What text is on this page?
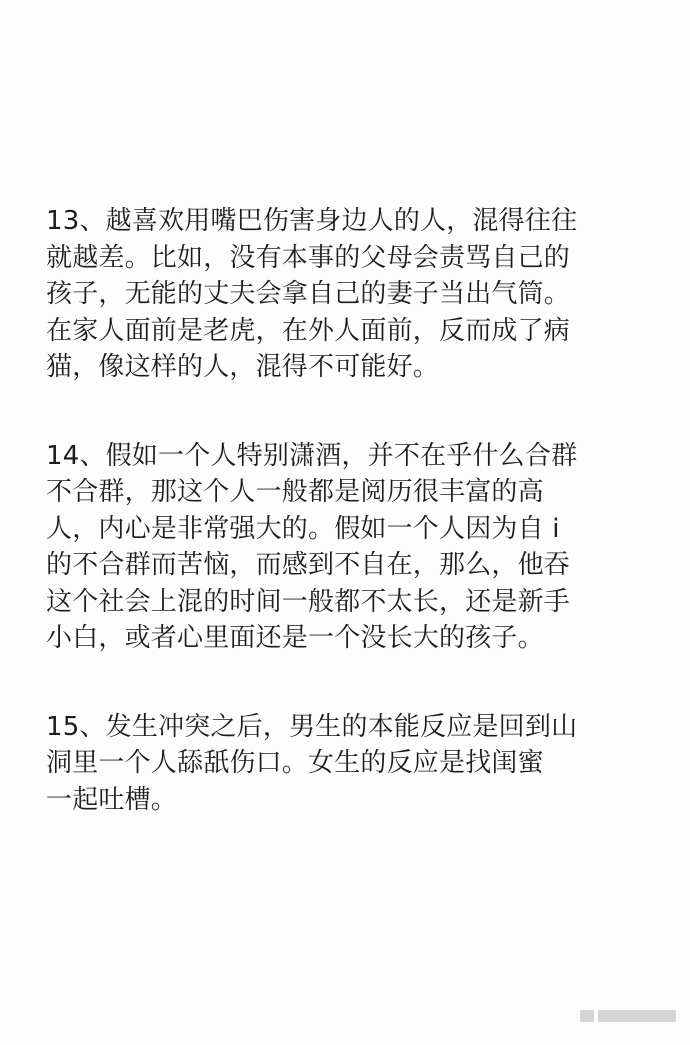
13、越喜欢用嘴巴伤害身边人的人，混得往往
就越差。比如，没有本事的父母会责骂自己的
孩子，无能的丈夫会拿自己的妻子当出气筒。
在家人面前是老虎，在外人面前，反而成了病
猫，像这样的人，混得不可能好。

14、假如一个人特别潇酒，并不在乎什么合群
不合群，那这个人一般都是阅历很丰富的高
人，内心是非常强大的。假如一个人因为自 i
的不合群而苦恼，而感到不自在，那么，他吞
这个社会上混的时间一般都不太长，还是新手
小白，或者心里面还是一个没长大的孩子。

15、发生冲突之后，男生的本能反应是回到山
洞里一个人舔舐伤口。女生的反应是找闺蜜
一起吐槽。
